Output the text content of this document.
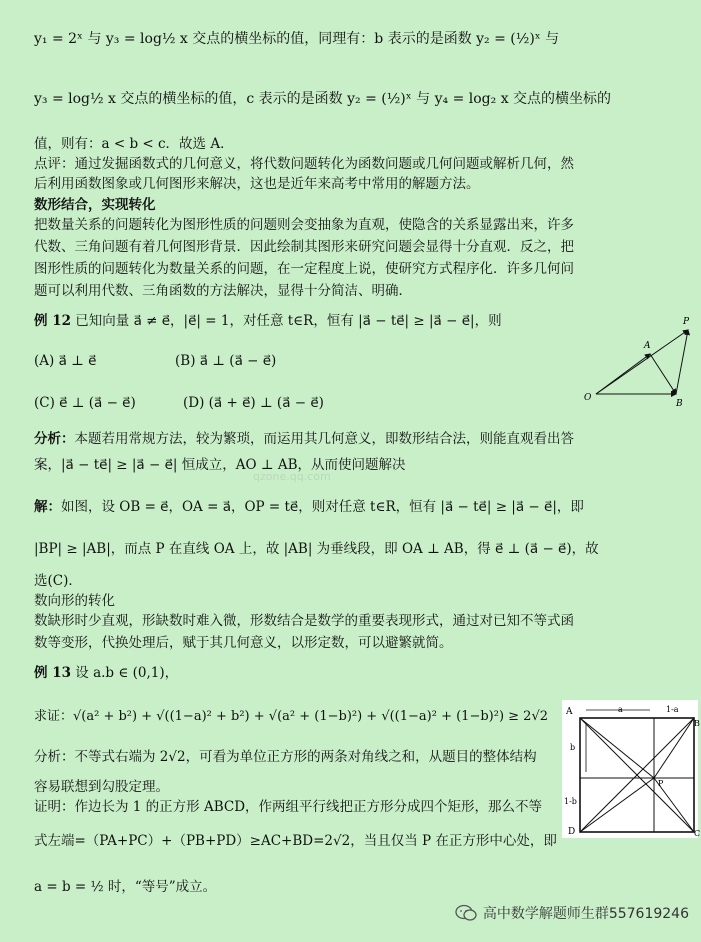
y₁ = 2ˣ 与 y₃ = log½ x 交点的横坐标的值，同理有：b 表示的是函数 y₂ = (½)ˣ 与
y₃ = log½ x 交点的横坐标的值，c 表示的是函数 y₂ = (½)ˣ 与 y₄ = log₂ x 交点的横坐标的
值，则有：a < b < c．故选 A．
点评：通过发掘函数式的几何意义，将代数问题转化为函数问题或几何问题或解析几何，然
后利用函数图象或几何图形来解决，这也是近年来高考中常用的解题方法。
数形结合，实现转化
把数量关系的问题转化为图形性质的问题则会变抽象为直观，使隐含的关系显露出来，许多
代数、三角问题有着几何图形背景．因此绘制其图形来研究问题会显得十分直观．反之，把
图形性质的问题转化为数量关系的问题，在一定程度上说，使研究方式程序化．许多几何问
题可以利用代数、三角函数的方法解决，显得十分简洁、明确．
例 12 已知向量 a⃗ ≠ e⃗，|e⃗| = 1，对任意 t∈R，恒有 |a⃗ − te⃗| ≥ |a⃗ − e⃗|，则
(A) a⃗ ⊥ e⃗	(B) a⃗ ⊥ (a⃗ − e⃗)
(C) e⃗ ⊥ (a⃗ − e⃗)	(D) (a⃗ + e⃗) ⊥ (a⃗ − e⃗)
分析：本题若用常规方法，较为繁琐，而运用其几何意义，即数形结合法，则能直观看出答
案，|a⃗ − te⃗| ≥ |a⃗ − e⃗| 恒成立，AO ⊥ AB，从而使问题解决
qzone.qq.com
解：如图，设 OB = e⃗，OA = a⃗，OP = te⃗，则对任意 t∈R，恒有 |a⃗ − te⃗| ≥ |a⃗ − e⃗|，即
|BP| ≥ |AB|，而点 P 在直线 OA 上，故 |AB| 为垂线段，即 OA ⊥ AB，得 e⃗ ⊥ (a⃗ − e⃗)，故
选(C)．
数向形的转化
数缺形时少直观，形缺数时难入微，形数结合是数学的重要表现形式，通过对已知不等式函
数等变形，代换处理后，赋于其几何意义，以形定数，可以避繁就简。
例 13 设 a.b ∈ (0,1)，
求证：√(a² + b²) + √((1−a)² + b²) + √(a² + (1−b)²) + √((1−a)² + (1−b)²) ≥ 2√2
分析：不等式右端为 2√2，可看为单位正方形的两条对角线之和，从题目的整体结构
容易联想到勾股定理。
证明：作边长为 1 的正方形 ABCD，作两组平行线把正方形分成四个矩形，那么不等
式左端=（PA+PC）+（PB+PD）≥AC+BD=2√2，当且仅当 P 在正方形中心处，即
a = b = ½ 时，“等号”成立。
P
A
O
B
A	a	1-a
b
1-b
P
D	C
B
高中数学解题师生群557619246
